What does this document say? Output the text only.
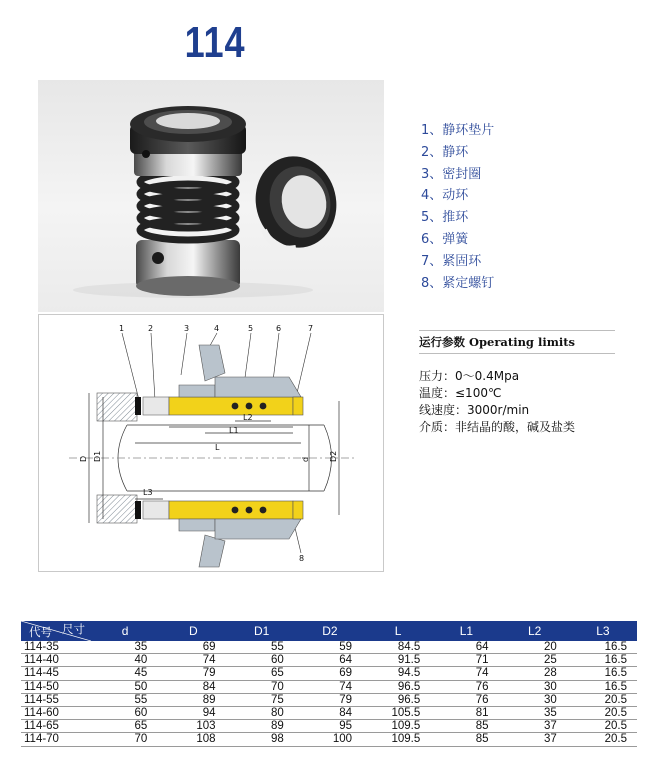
114
1	2	3	4	5	6	7
8
L2
L1
L
D D1	d D2
L3
1、静环垫片
2、静环
3、密封圈
4、动环
5、推环
6、弹簧
7、紧固环
8、紧定螺钉
运行参数 Operating limits
压力：0～0.4Mpa
温度：≤100℃
线速度：3000r/min
介质：非结晶的酸，碱及盐类
尺寸
代号	d	D	D1	D2	L	L1	L2	L3
114-35	35	69	55	59	84.5	64	20	16.5
114-40	40	74	60	64	91.5	71	25	16.5
114-45	45	79	65	69	94.5	74	28	16.5
114-50	50	84	70	74	96.5	76	30	16.5
114-55	55	89	75	79	96.5	76	30	20.5
114-60	60	94	80	84	105.5	81	35	20.5
114-65	65	103	89	95	109.5	85	37	20.5
114-70	70	108	98	100	109.5	85	37	20.5
